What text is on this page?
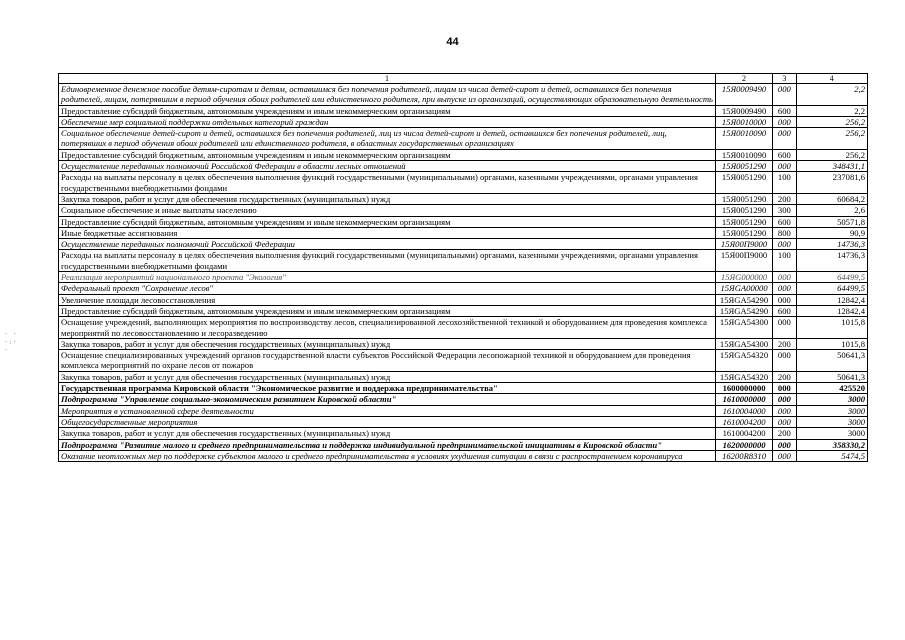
44
· ·
·:·
·
1	2	3	4
Единовременное денежное пособие детям-сиротам и детям, оставшимся без попечения родителей, лицам из числа детей-сирот и детей, оставшихся без попечения родителей, лицам, потерявшим в период обучения обоих родителей или единственного родителя, при выпуске из организаций, осуществляющих образовательную деятельность	15Я0009490	000	2,2
Предоставление субсидий бюджетным, автономным учреждениям и иным некоммерческим организациям	15Я0009490	600	2,2
Обеспечение мер социальной поддержки отдельных категорий граждан	15Я0010000	000	256,2
Социальное обеспечение детей-сирот и детей, оставшихся без попечения родителей, лиц из числа детей-сирот и детей, оставшихся без попечения родителей, лиц, потерявших в период обучения обоих родителей или единственного родителя, в областных государственных организациях	15Я0010090	000	256,2
Предоставление субсидий бюджетным, автономным учреждениям и иным некоммерческим организациям	15Я0010090	600	256,2
Осуществление переданных полномочий Российской Федерации в области лесных отношений	15Я0051290	000	348431,1
Расходы на выплаты персоналу в целях обеспечения выполнения функций государственными (муниципальными) органами, казенными учреждениями, органами управления государственными внебюджетными фондами	15Я0051290	100	237081,6
Закупка товаров, работ и услуг для обеспечения государственных (муниципальных) нужд	15Я0051290	200	60684,2
Социальное обеспечение и иные выплаты населению	15Я0051290	300	2,6
Предоставление субсидий бюджетным, автономным учреждениям и иным некоммерческим организациям	15Я0051290	600	50571,8
Иные бюджетные ассигнования	15Я0051290	800	90,9
Осуществление переданных полномочий Российской Федерации	15Я00П9000	000	14736,3
Расходы на выплаты персоналу в целях обеспечения выполнения функций государственными (муниципальными) органами, казенными учреждениями, органами управления государственными внебюджетными фондами	15Я00П9000	100	14736,3
Реализация мероприятий национального проекта "Экология"	15ЯG000000	000	64499,5
Федеральный проект "Сохранение лесов"	15ЯGA00000	000	64499,5
Увеличение площади лесовосстановления	15ЯGA54290	000	12842,4
Предоставление субсидий бюджетным, автономным учреждениям и иным некоммерческим организациям	15ЯGA54290	600	12842,4
Оснащение учреждений, выполняющих мероприятия по воспроизводству лесов, специализированной лесохозяйственной техникой и оборудованием для проведения комплекса мероприятий по лесовосстановлению и лесоразведению	15ЯGA54300	000	1015,8
Закупка товаров, работ и услуг для обеспечения государственных (муниципальных) нужд	15ЯGA54300	200	1015,8
Оснащение специализированных учреждений органов государственной власти субъектов Российской Федерации лесопожарной техникой и оборудованием для проведения комплекса мероприятий по охране лесов от пожаров	15ЯGA54320	000	50641,3
Закупка товаров, работ и услуг для обеспечения государственных (муниципальных) нужд	15ЯGA54320	200	50641,3
Государственная программа Кировской области "Экономическое развитие и поддержка предпринимательства"	1600000000	000	425520
Подпрограмма "Управление социально-экономическим развитием Кировской области"	1610000000	000	3000
Мероприятия в установленной сфере деятельности	1610004000	000	3000
Общегосударственные мероприятия	1610004200	000	3000
Закупка товаров, работ и услуг для обеспечения государственных (муниципальных) нужд	1610004200	200	3000
Подпрограмма "Развитие малого и среднего предпринимательства и поддержка индивидуальной предпринимательской инициативы в Кировской области"	1620000000	000	358330,2
Оказание неотложных мер по поддержке субъектов малого и среднего предпринимательства в условиях ухудшения ситуации в связи с распространением коронавируса	16200R8310	000	5474,5
